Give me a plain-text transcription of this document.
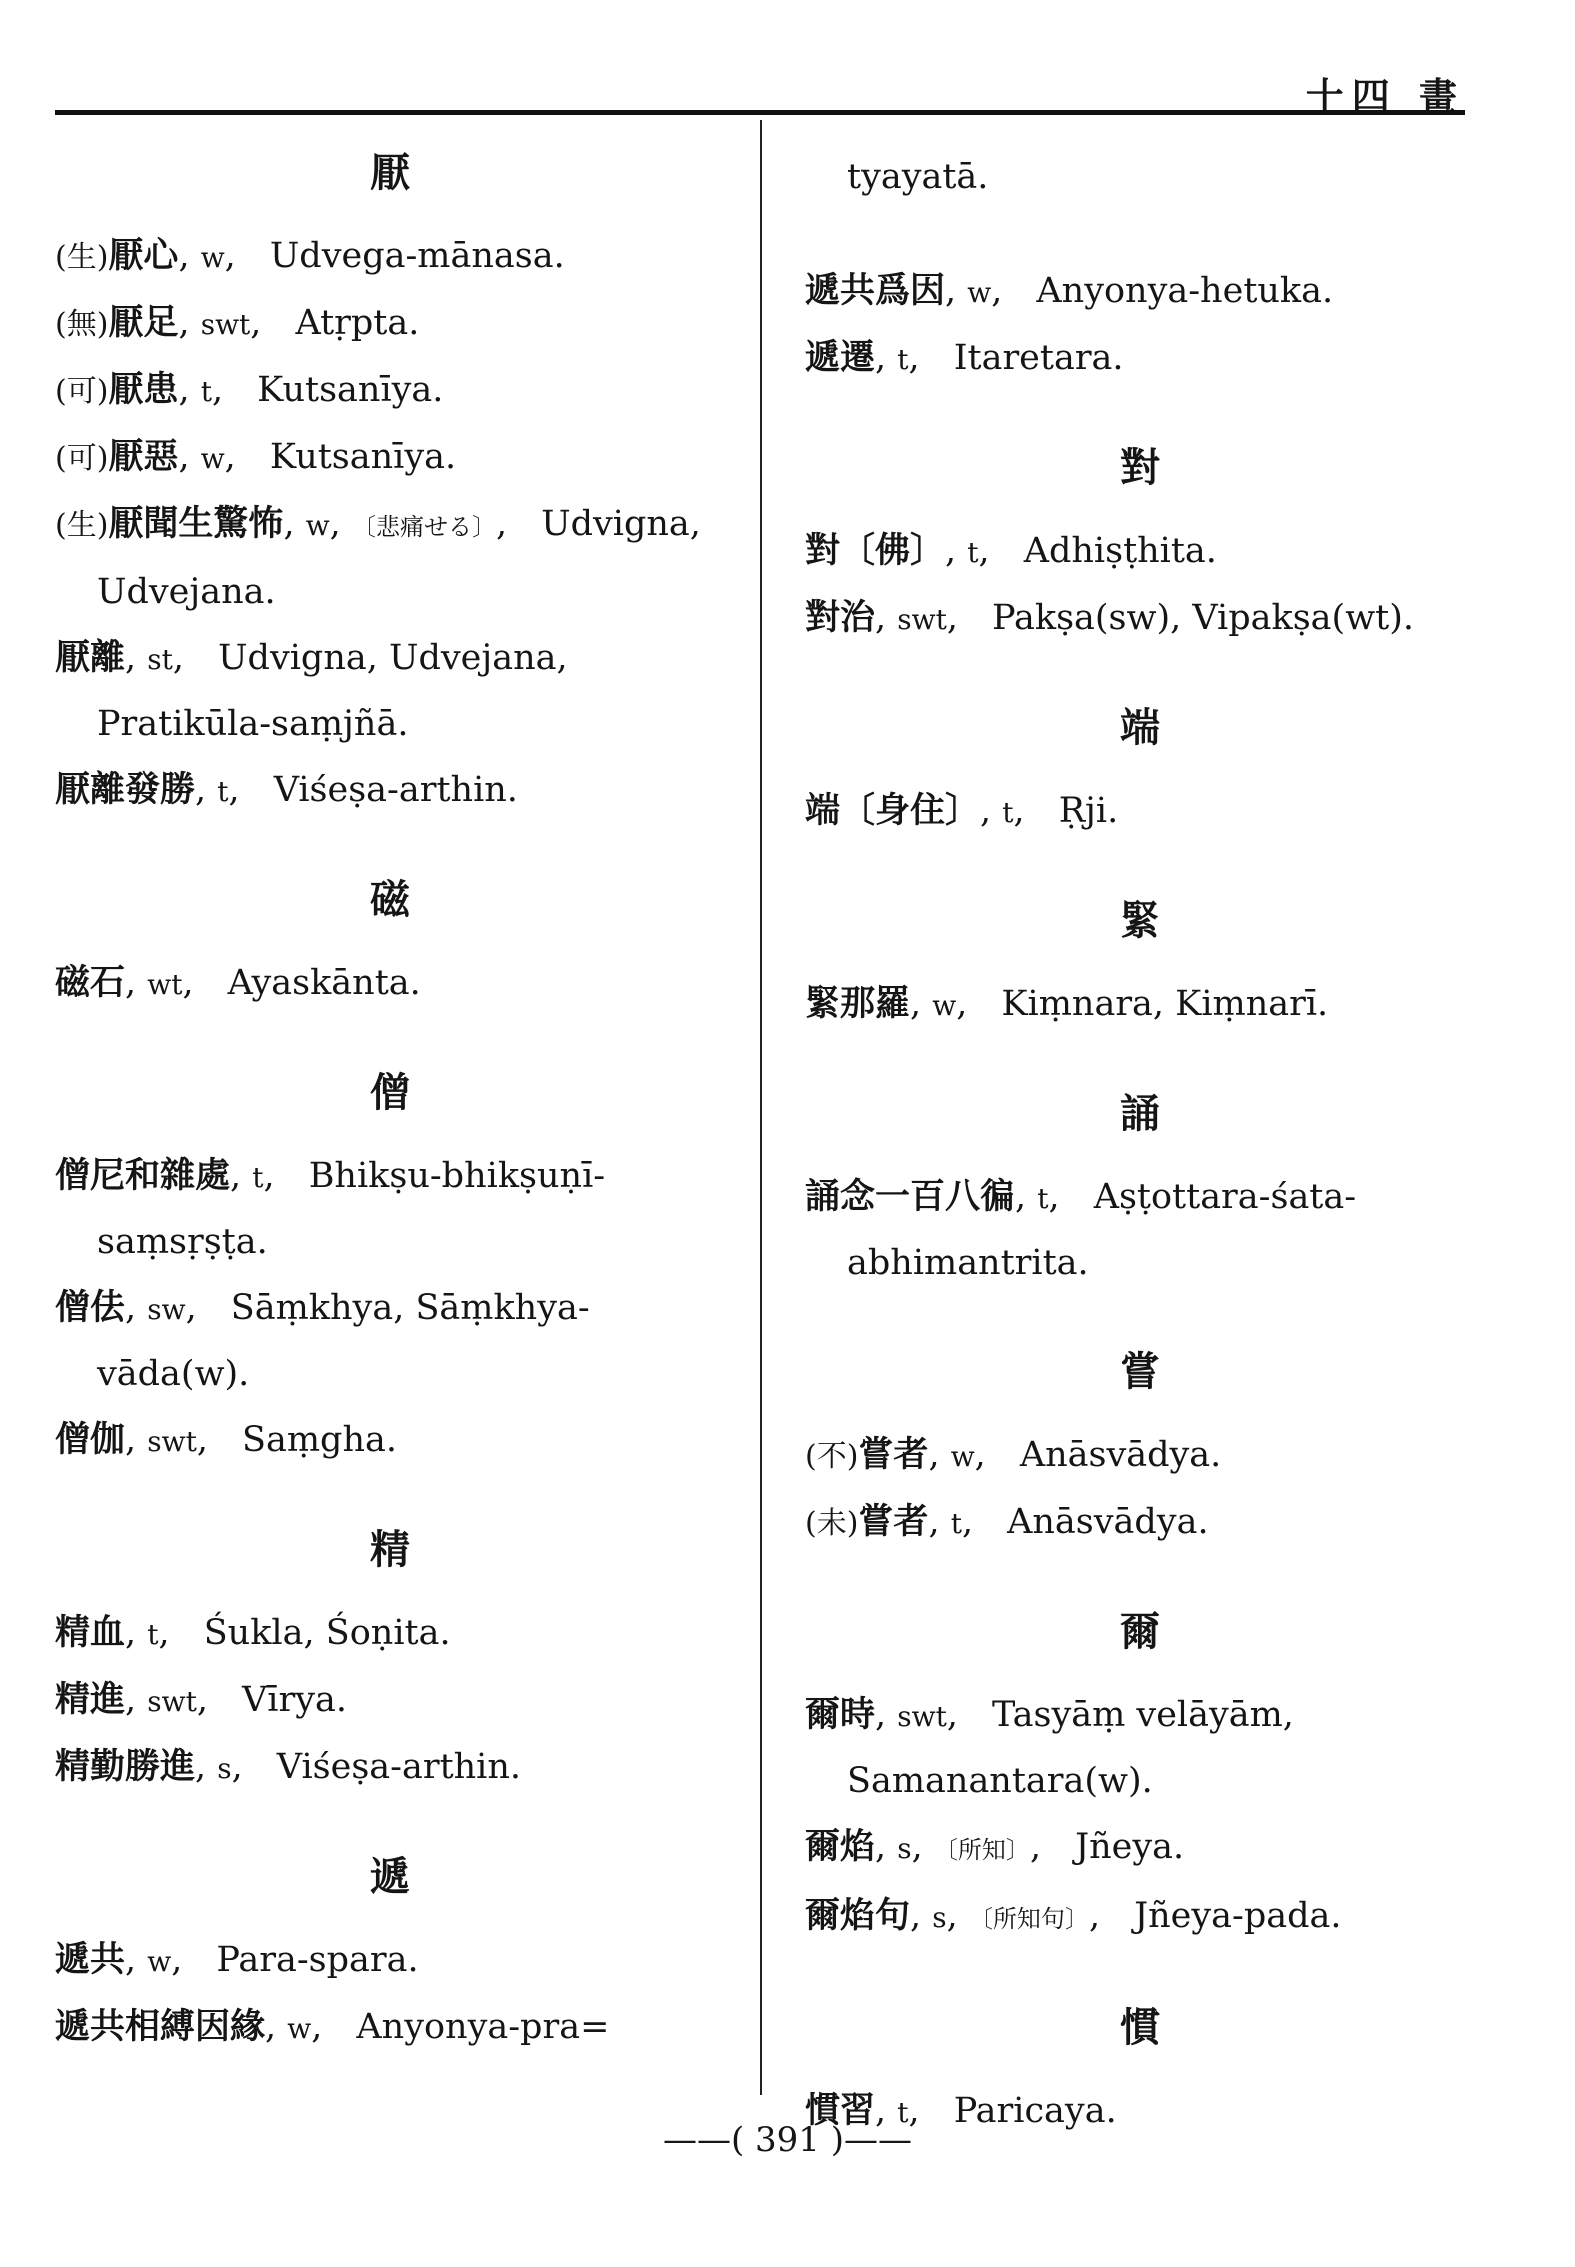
十四 畫
厭
(生)厭心, w, Udvega-mānasa.
(無)厭足, swt, Atṛpta.
(可)厭患, t, Kutsanīya.
(可)厭惡, w, Kutsanīya.
(生)厭聞生驚怖, w, 〔悲痛せる〕, Udvigna, Udvejana.
厭離, st, Udvigna, Udvejana, Pratikūla-saṃjñā.
厭離發勝, t, Viśeṣa-arthin.
磁
磁石, wt, Ayaskānta.
僧
僧尼和雜處, t, Bhikṣu-bhikṣuṇī-saṃsṛṣṭa.
僧佉, sw, Sāṃkhya, Sāṃkhya-vāda(w).
僧伽, swt, Saṃgha.
精
精血, t, Śukla, Śoṇita.
精進, swt, Vīrya.
精勤勝進, s, Viśeṣa-arthin.
遞
遞共, w, Para-spara.
遞共相縛因緣, w, Anyonya-pra=
tyayatā.
遞共爲因, w, Anyonya-hetuka.
遞遷, t, Itaretara.
對
對〔佛〕, t, Adhiṣṭhita.
對治, swt, Pakṣa(sw), Vipakṣa(wt).
端
端〔身住〕, t, Ṛji.
緊
緊那羅, w, Kiṃnara, Kiṃnarī.
誦
誦念一百八徧, t, Aṣṭottara-śata-abhimantrita.
嘗
(不)嘗者, w, Anāsvādya.
(未)嘗者, t, Anāsvādya.
爾
爾時, swt, Tasyāṃ velāyām, Samanantara(w).
爾焰, s, 〔所知〕, Jñeya.
爾焰句, s, 〔所知句〕, Jñeya-pada.
慣
慣習, t, Paricaya.
——( 391 )——
